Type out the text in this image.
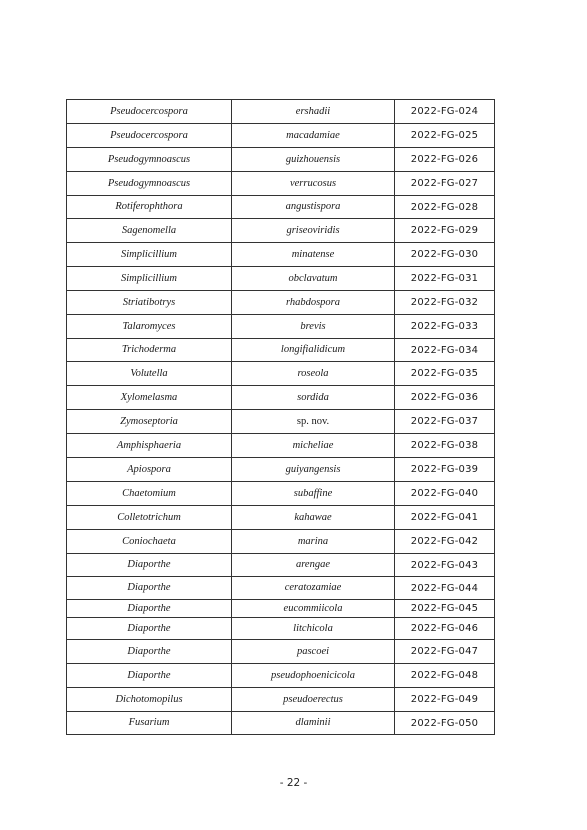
Pseudocercospora	ershadii	2022-FG-024
Pseudocercospora	macadamiae	2022-FG-025
Pseudogymnoascus	guizhouensis	2022-FG-026
Pseudogymnoascus	verrucosus	2022-FG-027
Rotiferophthora	angustispora	2022-FG-028
Sagenomella	griseoviridis	2022-FG-029
Simplicillium	minatense	2022-FG-030
Simplicillium	obclavatum	2022-FG-031
Striatibotrys	rhabdospora	2022-FG-032
Talaromyces	brevis	2022-FG-033
Trichoderma	longifialidicum	2022-FG-034
Volutella	roseola	2022-FG-035
Xylomelasma	sordida	2022-FG-036
Zymoseptoria	sp. nov.	2022-FG-037
Amphisphaeria	micheliae	2022-FG-038
Apiospora	guiyangensis	2022-FG-039
Chaetomium	subaffine	2022-FG-040
Colletotrichum	kahawae	2022-FG-041
Coniochaeta	marina	2022-FG-042
Diaporthe	arengae	2022-FG-043
Diaporthe	ceratozamiae	2022-FG-044
Diaporthe	eucommiicola	2022-FG-045
Diaporthe	litchicola	2022-FG-046
Diaporthe	pascoei	2022-FG-047
Diaporthe	pseudophoenicicola	2022-FG-048
Dichotomopilus	pseudoerectus	2022-FG-049
Fusarium	dlaminii	2022-FG-050
- 22 -
